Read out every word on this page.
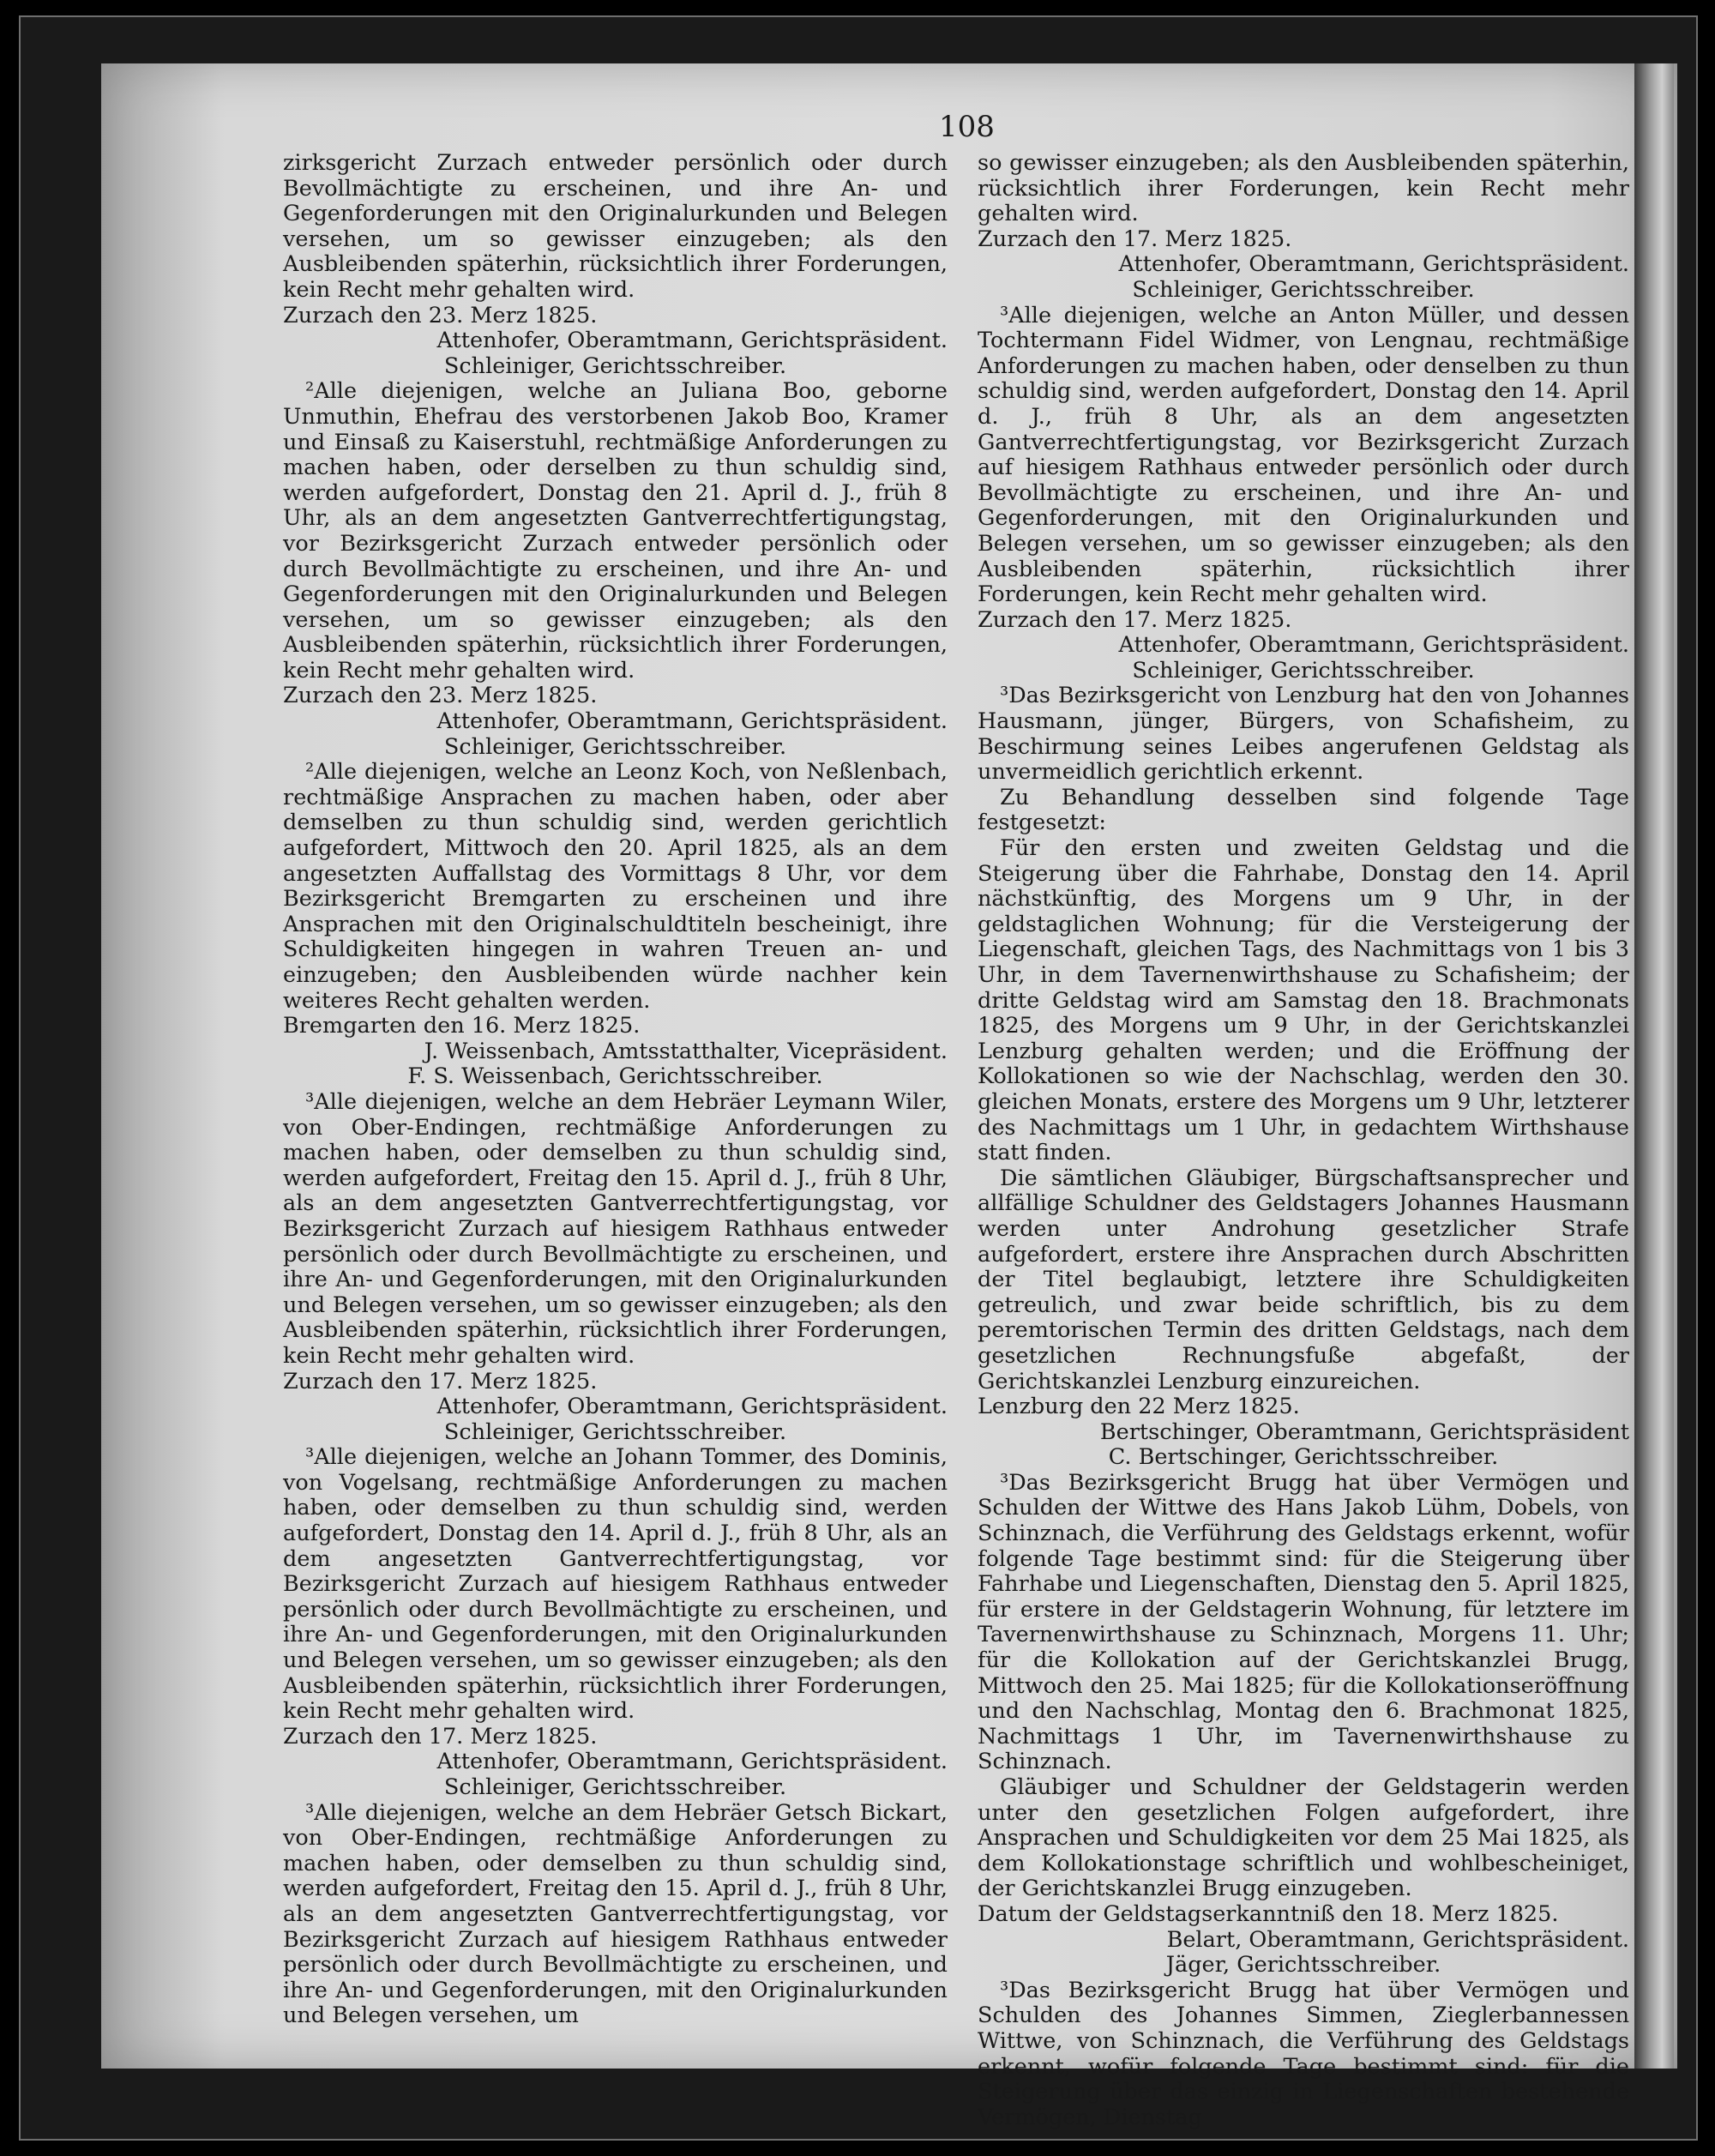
108

zirksgericht Zurzach entweder persönlich oder durch Bevollmächtigte zu erscheinen, und ihre An- und Gegenforderungen mit den Originalurkunden und Belegen versehen, um so gewisser einzugeben; als den Ausbleibenden späterhin, rücksichtlich ihrer Forderungen, kein Recht mehr gehalten wird.

Zurzach den 23. Merz 1825.

Attenhofer, Oberamtmann, Gerichtspräsident.

Schleiniger, Gerichtsschreiber.

²Alle diejenigen, welche an Juliana Boo, geborne Unmuthin, Ehefrau des verstorbenen Jakob Boo, Kramer und Einsaß zu Kaiserstuhl, rechtmäßige Anforderungen zu machen haben, oder derselben zu thun schuldig sind, werden aufgefordert, Donstag den 21. April d. J., früh 8 Uhr, als an dem angesetzten Gantverrechtfertigungstag, vor Bezirksgericht Zurzach entweder persönlich oder durch Bevollmächtigte zu erscheinen, und ihre An- und Gegenforderungen mit den Originalurkunden und Belegen versehen, um so gewisser einzugeben; als den Ausbleibenden späterhin, rücksichtlich ihrer Forderungen, kein Recht mehr gehalten wird.

Zurzach den 23. Merz 1825.

Attenhofer, Oberamtmann, Gerichtspräsident.

Schleiniger, Gerichtsschreiber.

²Alle diejenigen, welche an Leonz Koch, von Neßlenbach, rechtmäßige Ansprachen zu machen haben, oder aber demselben zu thun schuldig sind, werden gerichtlich aufgefordert, Mittwoch den 20. April 1825, als an dem angesetzten Auffallstag des Vormittags 8 Uhr, vor dem Bezirksgericht Bremgarten zu erscheinen und ihre Ansprachen mit den Originalschuldtiteln bescheinigt, ihre Schuldigkeiten hingegen in wahren Treuen an- und einzugeben; den Ausbleibenden würde nachher kein weiteres Recht gehalten werden.

Bremgarten den 16. Merz 1825.

J. Weissenbach, Amtsstatthalter, Vicepräsident.

F. S. Weissenbach, Gerichtsschreiber.

³Alle diejenigen, welche an dem Hebräer Leymann Wiler, von Ober-Endingen, rechtmäßige Anforderungen zu machen haben, oder demselben zu thun schuldig sind, werden aufgefordert, Freitag den 15. April d. J., früh 8 Uhr, als an dem angesetzten Gantverrechtfertigungstag, vor Bezirksgericht Zurzach auf hiesigem Rathhaus entweder persönlich oder durch Bevollmächtigte zu erscheinen, und ihre An- und Gegenforderungen, mit den Originalurkunden und Belegen versehen, um so gewisser einzugeben; als den Ausbleibenden späterhin, rücksichtlich ihrer Forderungen, kein Recht mehr gehalten wird.

Zurzach den 17. Merz 1825.

Attenhofer, Oberamtmann, Gerichtspräsident.

Schleiniger, Gerichtsschreiber.

³Alle diejenigen, welche an Johann Tommer, des Dominis, von Vogelsang, rechtmäßige Anforderungen zu machen haben, oder demselben zu thun schuldig sind, werden aufgefordert, Donstag den 14. April d. J., früh 8 Uhr, als an dem angesetzten Gantverrechtfertigungstag, vor Bezirksgericht Zurzach auf hiesigem Rathhaus entweder persönlich oder durch Bevollmächtigte zu erscheinen, und ihre An- und Gegenforderungen, mit den Originalurkunden und Belegen versehen, um so gewisser einzugeben; als den Ausbleibenden späterhin, rücksichtlich ihrer Forderungen, kein Recht mehr gehalten wird.

Zurzach den 17. Merz 1825.

Attenhofer, Oberamtmann, Gerichtspräsident.

Schleiniger, Gerichtsschreiber.

³Alle diejenigen, welche an dem Hebräer Getsch Bickart, von Ober-Endingen, rechtmäßige Anforderungen zu machen haben, oder demselben zu thun schuldig sind, werden aufgefordert, Freitag den 15. April d. J., früh 8 Uhr, als an dem angesetzten Gantverrechtfertigungstag, vor Bezirksgericht Zurzach auf hiesigem Rathhaus entweder persönlich oder durch Bevollmächtigte zu erscheinen, und ihre An- und Gegenforderungen, mit den Originalurkunden und Belegen versehen, um

so gewisser einzugeben; als den Ausbleibenden späterhin, rücksichtlich ihrer Forderungen, kein Recht mehr gehalten wird.

Zurzach den 17. Merz 1825.

Attenhofer, Oberamtmann, Gerichtspräsident.

Schleiniger, Gerichtsschreiber.

³Alle diejenigen, welche an Anton Müller, und dessen Tochtermann Fidel Widmer, von Lengnau, rechtmäßige Anforderungen zu machen haben, oder denselben zu thun schuldig sind, werden aufgefordert, Donstag den 14. April d. J., früh 8 Uhr, als an dem angesetzten Gantverrechtfertigungstag, vor Bezirksgericht Zurzach auf hiesigem Rathhaus entweder persönlich oder durch Bevollmächtigte zu erscheinen, und ihre An- und Gegenforderungen, mit den Originalurkunden und Belegen versehen, um so gewisser einzugeben; als den Ausbleibenden späterhin, rücksichtlich ihrer Forderungen, kein Recht mehr gehalten wird.

Zurzach den 17. Merz 1825.

Attenhofer, Oberamtmann, Gerichtspräsident.

Schleiniger, Gerichtsschreiber.

³Das Bezirksgericht von Lenzburg hat den von Johannes Hausmann, jünger, Bürgers, von Schafisheim, zu Beschirmung seines Leibes angerufenen Geldstag als unvermeidlich gerichtlich erkennt.

Zu Behandlung desselben sind folgende Tage festgesetzt:

Für den ersten und zweiten Geldstag und die Steigerung über die Fahrhabe, Donstag den 14. April nächstkünftig, des Morgens um 9 Uhr, in der geldstaglichen Wohnung; für die Versteigerung der Liegenschaft, gleichen Tags, des Nachmittags von 1 bis 3 Uhr, in dem Tavernenwirthshause zu Schafisheim; der dritte Geldstag wird am Samstag den 18. Brachmonats 1825, des Morgens um 9 Uhr, in der Gerichtskanzlei Lenzburg gehalten werden; und die Eröffnung der Kollokationen so wie der Nachschlag, werden den 30. gleichen Monats, erstere des Morgens um 9 Uhr, letzterer des Nachmittags um 1 Uhr, in gedachtem Wirthshause statt finden.

Die sämtlichen Gläubiger, Bürgschaftsansprecher und allfällige Schuldner des Geldstagers Johannes Hausmann werden unter Androhung gesetzlicher Strafe aufgefordert, erstere ihre Ansprachen durch Abschritten der Titel beglaubigt, letztere ihre Schuldigkeiten getreulich, und zwar beide schriftlich, bis zu dem peremtorischen Termin des dritten Geldstags, nach dem gesetzlichen Rechnungsfuße abgefaßt, der Gerichtskanzlei Lenzburg einzureichen.

Lenzburg den 22 Merz 1825.

Bertschinger, Oberamtmann, Gerichtspräsident

C. Bertschinger, Gerichtsschreiber.

³Das Bezirksgericht Brugg hat über Vermögen und Schulden der Wittwe des Hans Jakob Lühm, Dobels, von Schinznach, die Verführung des Geldstags erkennt, wofür folgende Tage bestimmt sind: für die Steigerung über Fahrhabe und Liegenschaften, Dienstag den 5. April 1825, für erstere in der Geldstagerin Wohnung, für letztere im Tavernenwirthshause zu Schinznach, Morgens 11. Uhr; für die Kollokation auf der Gerichtskanzlei Brugg, Mittwoch den 25. Mai 1825; für die Kollokationseröffnung und den Nachschlag, Montag den 6. Brachmonat 1825, Nachmittags 1 Uhr, im Tavernenwirthshause zu Schinznach.

Gläubiger und Schuldner der Geldstagerin werden unter den gesetzlichen Folgen aufgefordert, ihre Ansprachen und Schuldigkeiten vor dem 25 Mai 1825, als dem Kollokationstage schriftlich und wohlbescheiniget, der Gerichtskanzlei Brugg einzugeben.

Datum der Geldstagserkanntniß den 18. Merz 1825.

Belart, Oberamtmann, Gerichtspräsident.

Jäger, Gerichtsschreiber.

³Das Bezirksgericht Brugg hat über Vermögen und Schulden des Johannes Simmen, Zieglerbannessen Wittwe, von Schinznach, die Verführung des Geldstags erkennt, wofür folgende Tage bestimmt sind: für die Steigerung über das einzig in Liegenschaften bestehende Vermögen, Dienstag
